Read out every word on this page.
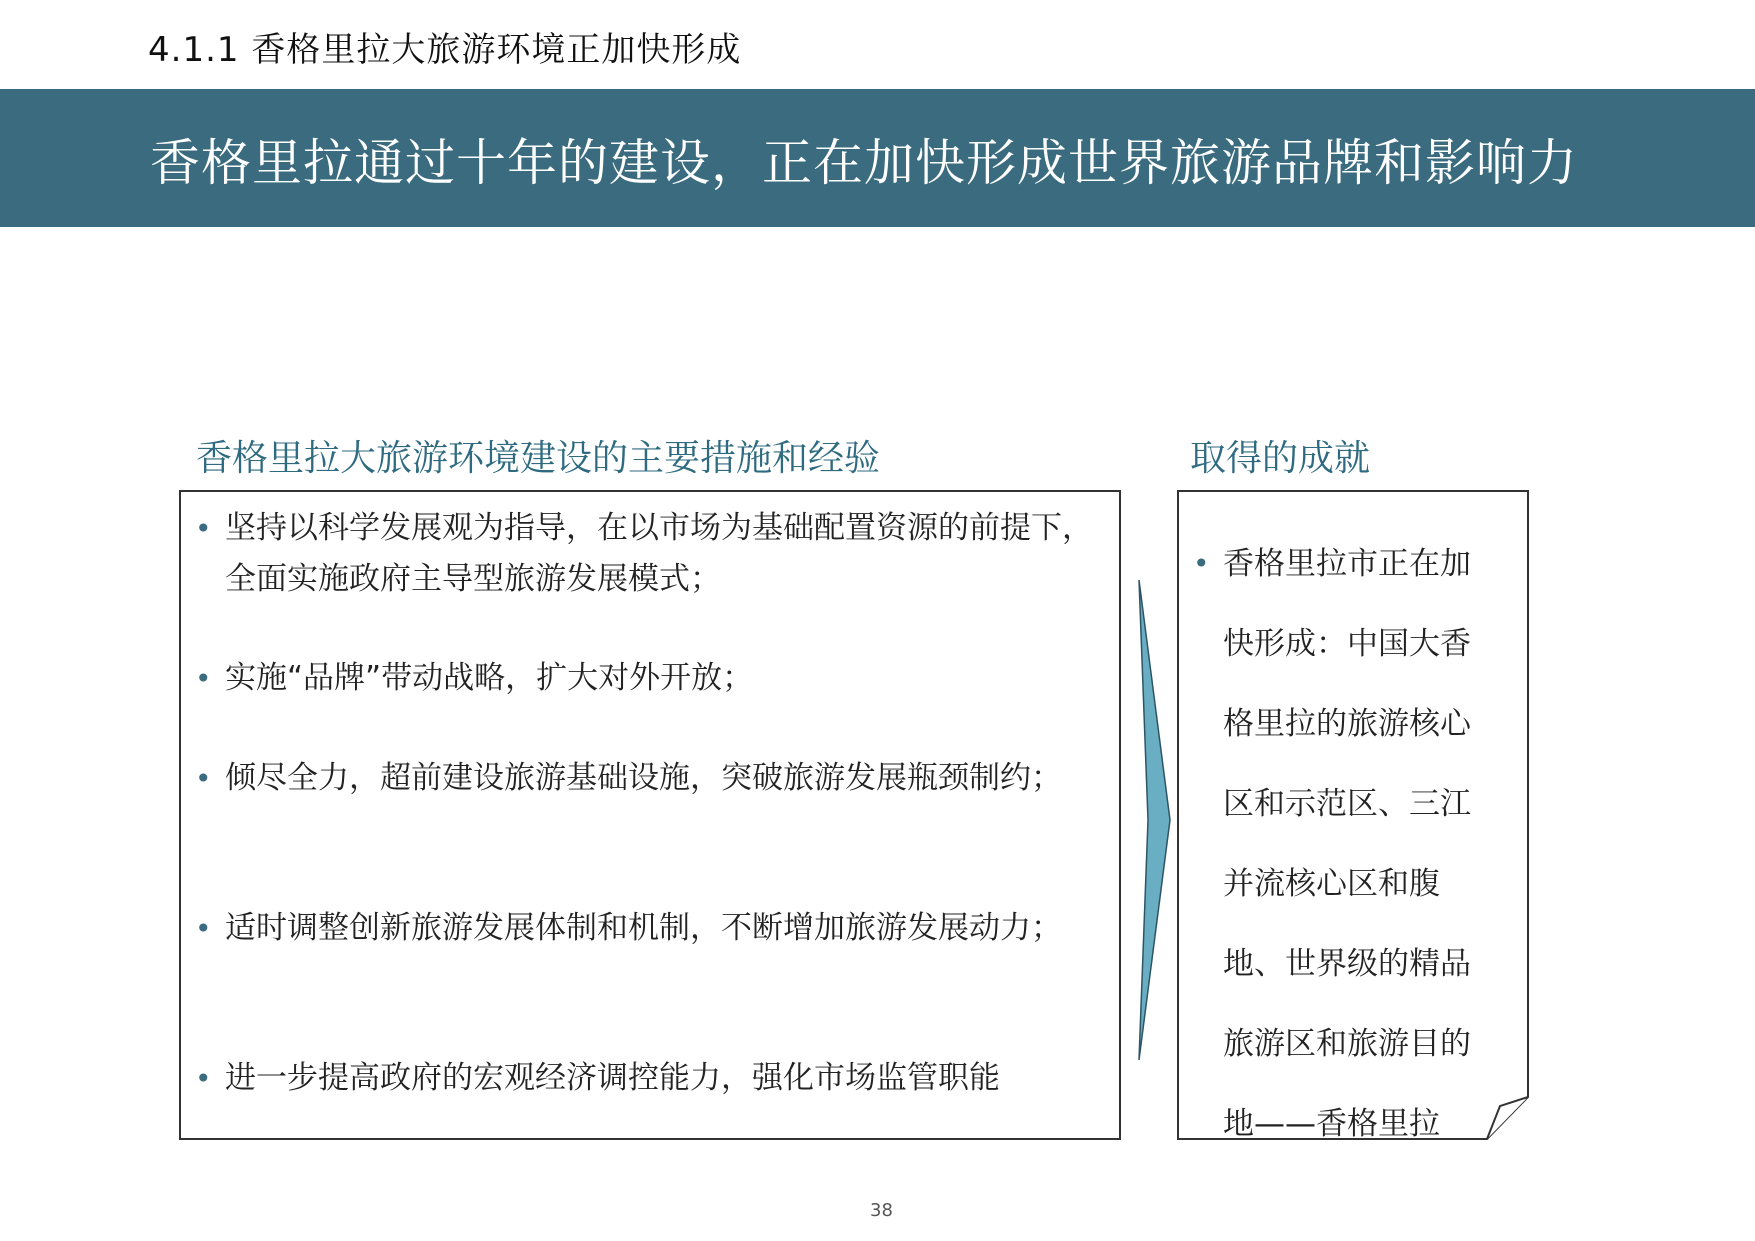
4.1.1 香格里拉大旅游环境正加快形成
香格里拉通过十年的建设，正在加快形成世界旅游品牌和影响力
香格里拉大旅游环境建设的主要措施和经验	取得的成就
• 坚持以科学发展观为指导，在以市场为基础配置资源的前提下，全面实施政府主导型旅游发展模式；
• 实施“品牌”带动战略，扩大对外开放；
• 倾尽全力，超前建设旅游基础设施，突破旅游发展瓶颈制约；
• 适时调整创新旅游发展体制和机制，不断增加旅游发展动力；
• 进一步提高政府的宏观经济调控能力，强化市场监管职能
• 香格里拉市正在加快形成：中国大香格里拉的旅游核心区和示范区、三江并流核心区和腹地、世界级的精品旅游区和旅游目的地——香格里拉
38
